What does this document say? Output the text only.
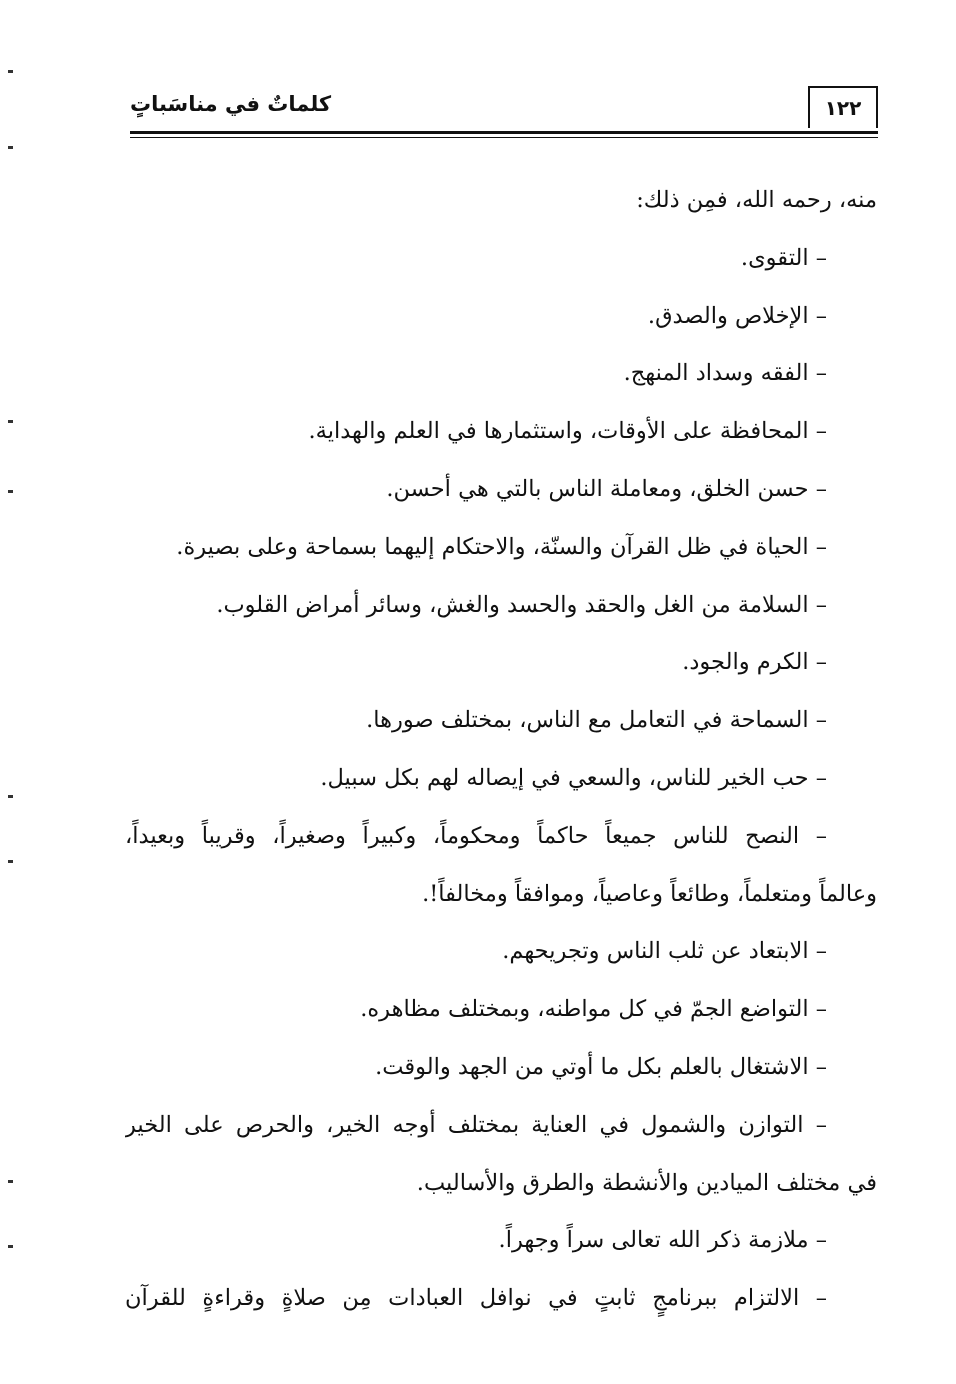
١٢٢
كلماتٌ في مناسَباتٍ
منه، رحمه الله، فمِن ذلك:
– التقوى.
– الإخلاص والصدق.
– الفقه وسداد المنهج.
– المحافظة على الأوقات، واستثمارها في العلم والهداية.
– حسن الخلق، ومعاملة الناس بالتي هي أحسن.
– الحياة في ظل القرآن والسنّة، والاحتكام إليهما بسماحة وعلى بصيرة.
– السلامة من الغل والحقد والحسد والغش، وسائر أمراض القلوب.
– الكرم والجود.
– السماحة في التعامل مع الناس، بمختلف صورها.
– حب الخير للناس، والسعي في إيصاله لهم بكل سبيل.
– النصح للناس جميعاً حاكماً ومحكوماً، وكبيراً وصغيراً، وقريباً وبعيداً،
وعالماً ومتعلماً، وطائعاً وعاصياً، وموافقاً ومخالفاً!.
– الابتعاد عن ثلب الناس وتجريحهم.
– التواضع الجمّ في كل مواطنه، وبمختلف مظاهره.
– الاشتغال بالعلم بكل ما أوتي من الجهد والوقت.
– التوازن والشمول في العناية بمختلف أوجه الخير، والحرص على الخير
في مختلف الميادين والأنشطة والطرق والأساليب.
– ملازمة ذكر الله تعالى سراً وجهراً.
– الالتزام ببرنامجٍ ثابتٍ في نوافل العبادات مِن صلاةٍ وقراءةٍ للقرآن
